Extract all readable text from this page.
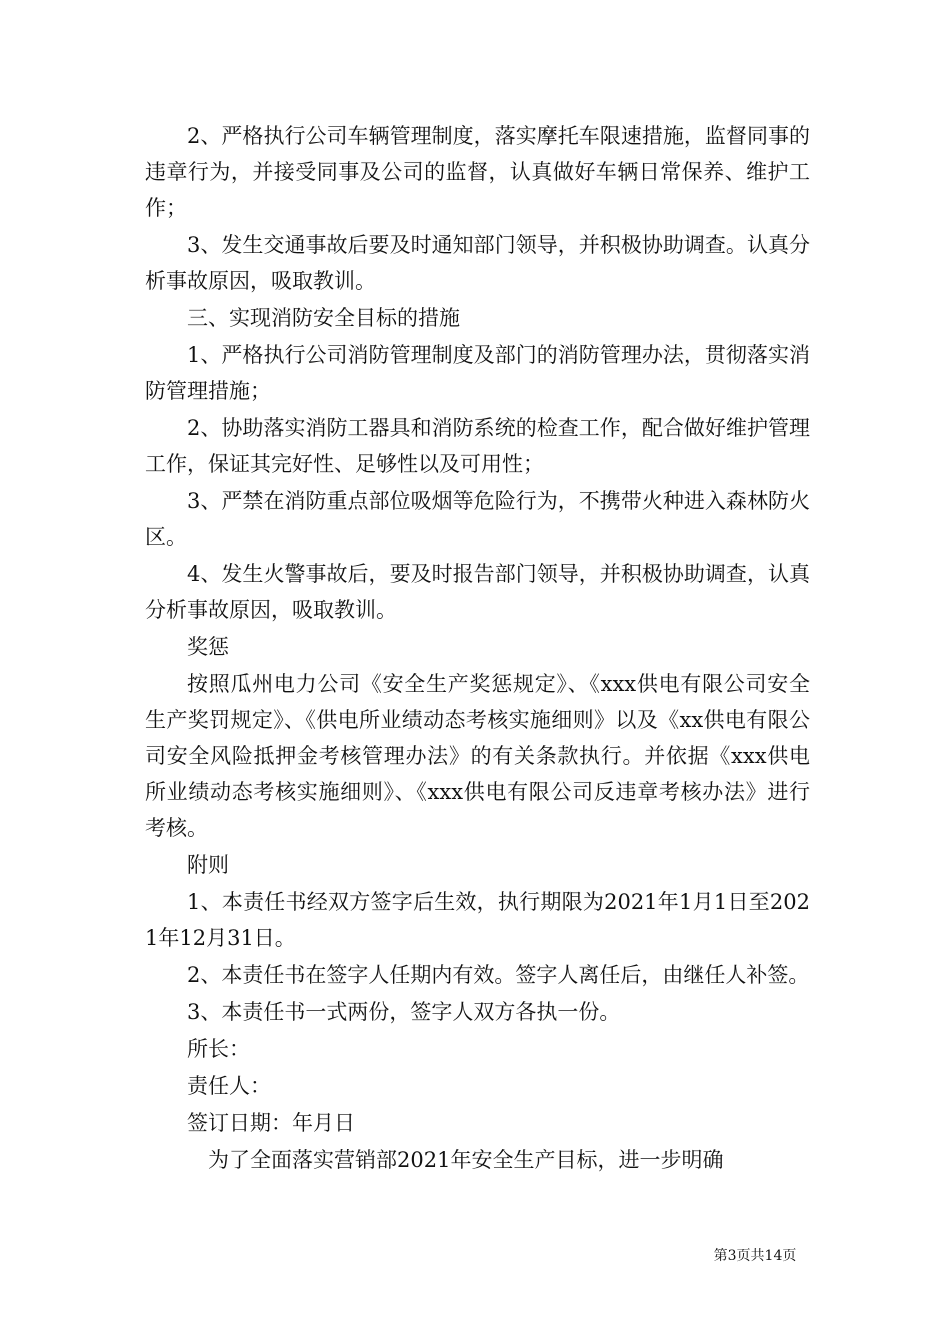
2、严格执行公司车辆管理制度，落实摩托车限速措施，监督同事的违章行为，并接受同事及公司的监督，认真做好车辆日常保养、维护工作；

3、发生交通事故后要及时通知部门领导，并积极协助调查。认真分析事故原因，吸取教训。

三、实现消防安全目标的措施

1、严格执行公司消防管理制度及部门的消防管理办法，贯彻落实消防管理措施；

2、协助落实消防工器具和消防系统的检查工作，配合做好维护管理工作，保证其完好性、足够性以及可用性；

3、严禁在消防重点部位吸烟等危险行为，不携带火种进入森林防火区。

4、发生火警事故后，要及时报告部门领导，并积极协助调查，认真分析事故原因，吸取教训。

奖惩

按照瓜州电力公司《安全生产奖惩规定》、《xxx供电有限公司安全生产奖罚规定》、《供电所业绩动态考核实施细则》以及《xx供电有限公司安全风险抵押金考核管理办法》的有关条款执行。并依据《xxx供电所业绩动态考核实施细则》、《xxx供电有限公司反违章考核办法》进行考核。

附则

1、本责任书经双方签字后生效，执行期限为2021年1月1日至2021年12月31日。

2、本责任书在签字人任期内有效。签字人离任后，由继任人补签。

3、本责任书一式两份，签字人双方各执一份。

所长：

责任人：

签订日期：年月日

为了全面落实营销部2021年安全生产目标，进一步明确

第3页共14页
